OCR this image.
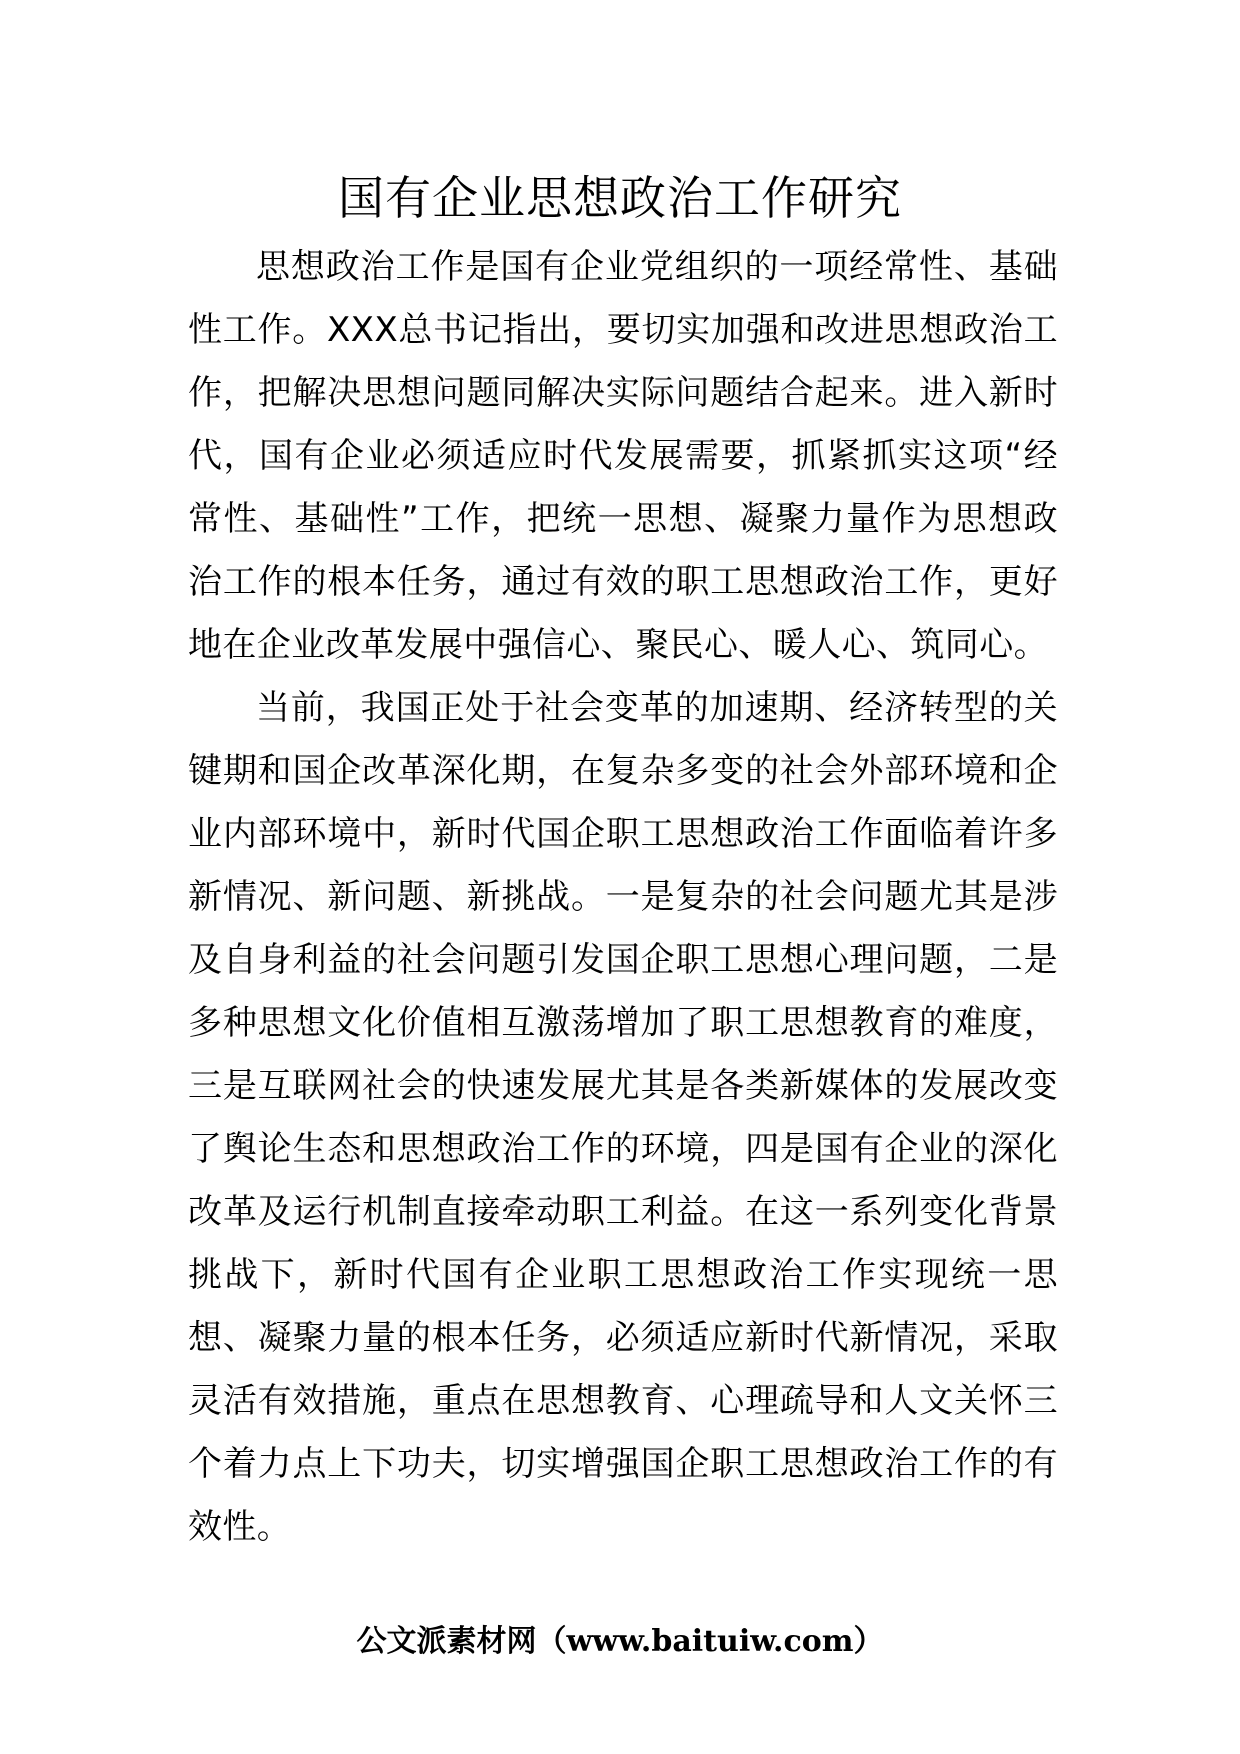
国有企业思想政治工作研究

思想政治工作是国有企业党组织的一项经常性、基础性工作。XXX总书记指出，要切实加强和改进思想政治工作，把解决思想问题同解决实际问题结合起来。进入新时代，国有企业必须适应时代发展需要，抓紧抓实这项“经常性、基础性”工作，把统一思想、凝聚力量作为思想政治工作的根本任务，通过有效的职工思想政治工作，更好地在企业改革发展中强信心、聚民心、暖人心、筑同心。

当前，我国正处于社会变革的加速期、经济转型的关键期和国企改革深化期，在复杂多变的社会外部环境和企业内部环境中，新时代国企职工思想政治工作面临着许多新情况、新问题、新挑战。一是复杂的社会问题尤其是涉及自身利益的社会问题引发国企职工思想心理问题，二是多种思想文化价值相互激荡增加了职工思想教育的难度，三是互联网社会的快速发展尤其是各类新媒体的发展改变了舆论生态和思想政治工作的环境，四是国有企业的深化改革及运行机制直接牵动职工利益。在这一系列变化背景挑战下，新时代国有企业职工思想政治工作实现统一思想、凝聚力量的根本任务，必须适应新时代新情况，采取灵活有效措施，重点在思想教育、心理疏导和人文关怀三个着力点上下功夫，切实增强国企职工思想政治工作的有效性。

公文派素材网（www.baituiw.com）
